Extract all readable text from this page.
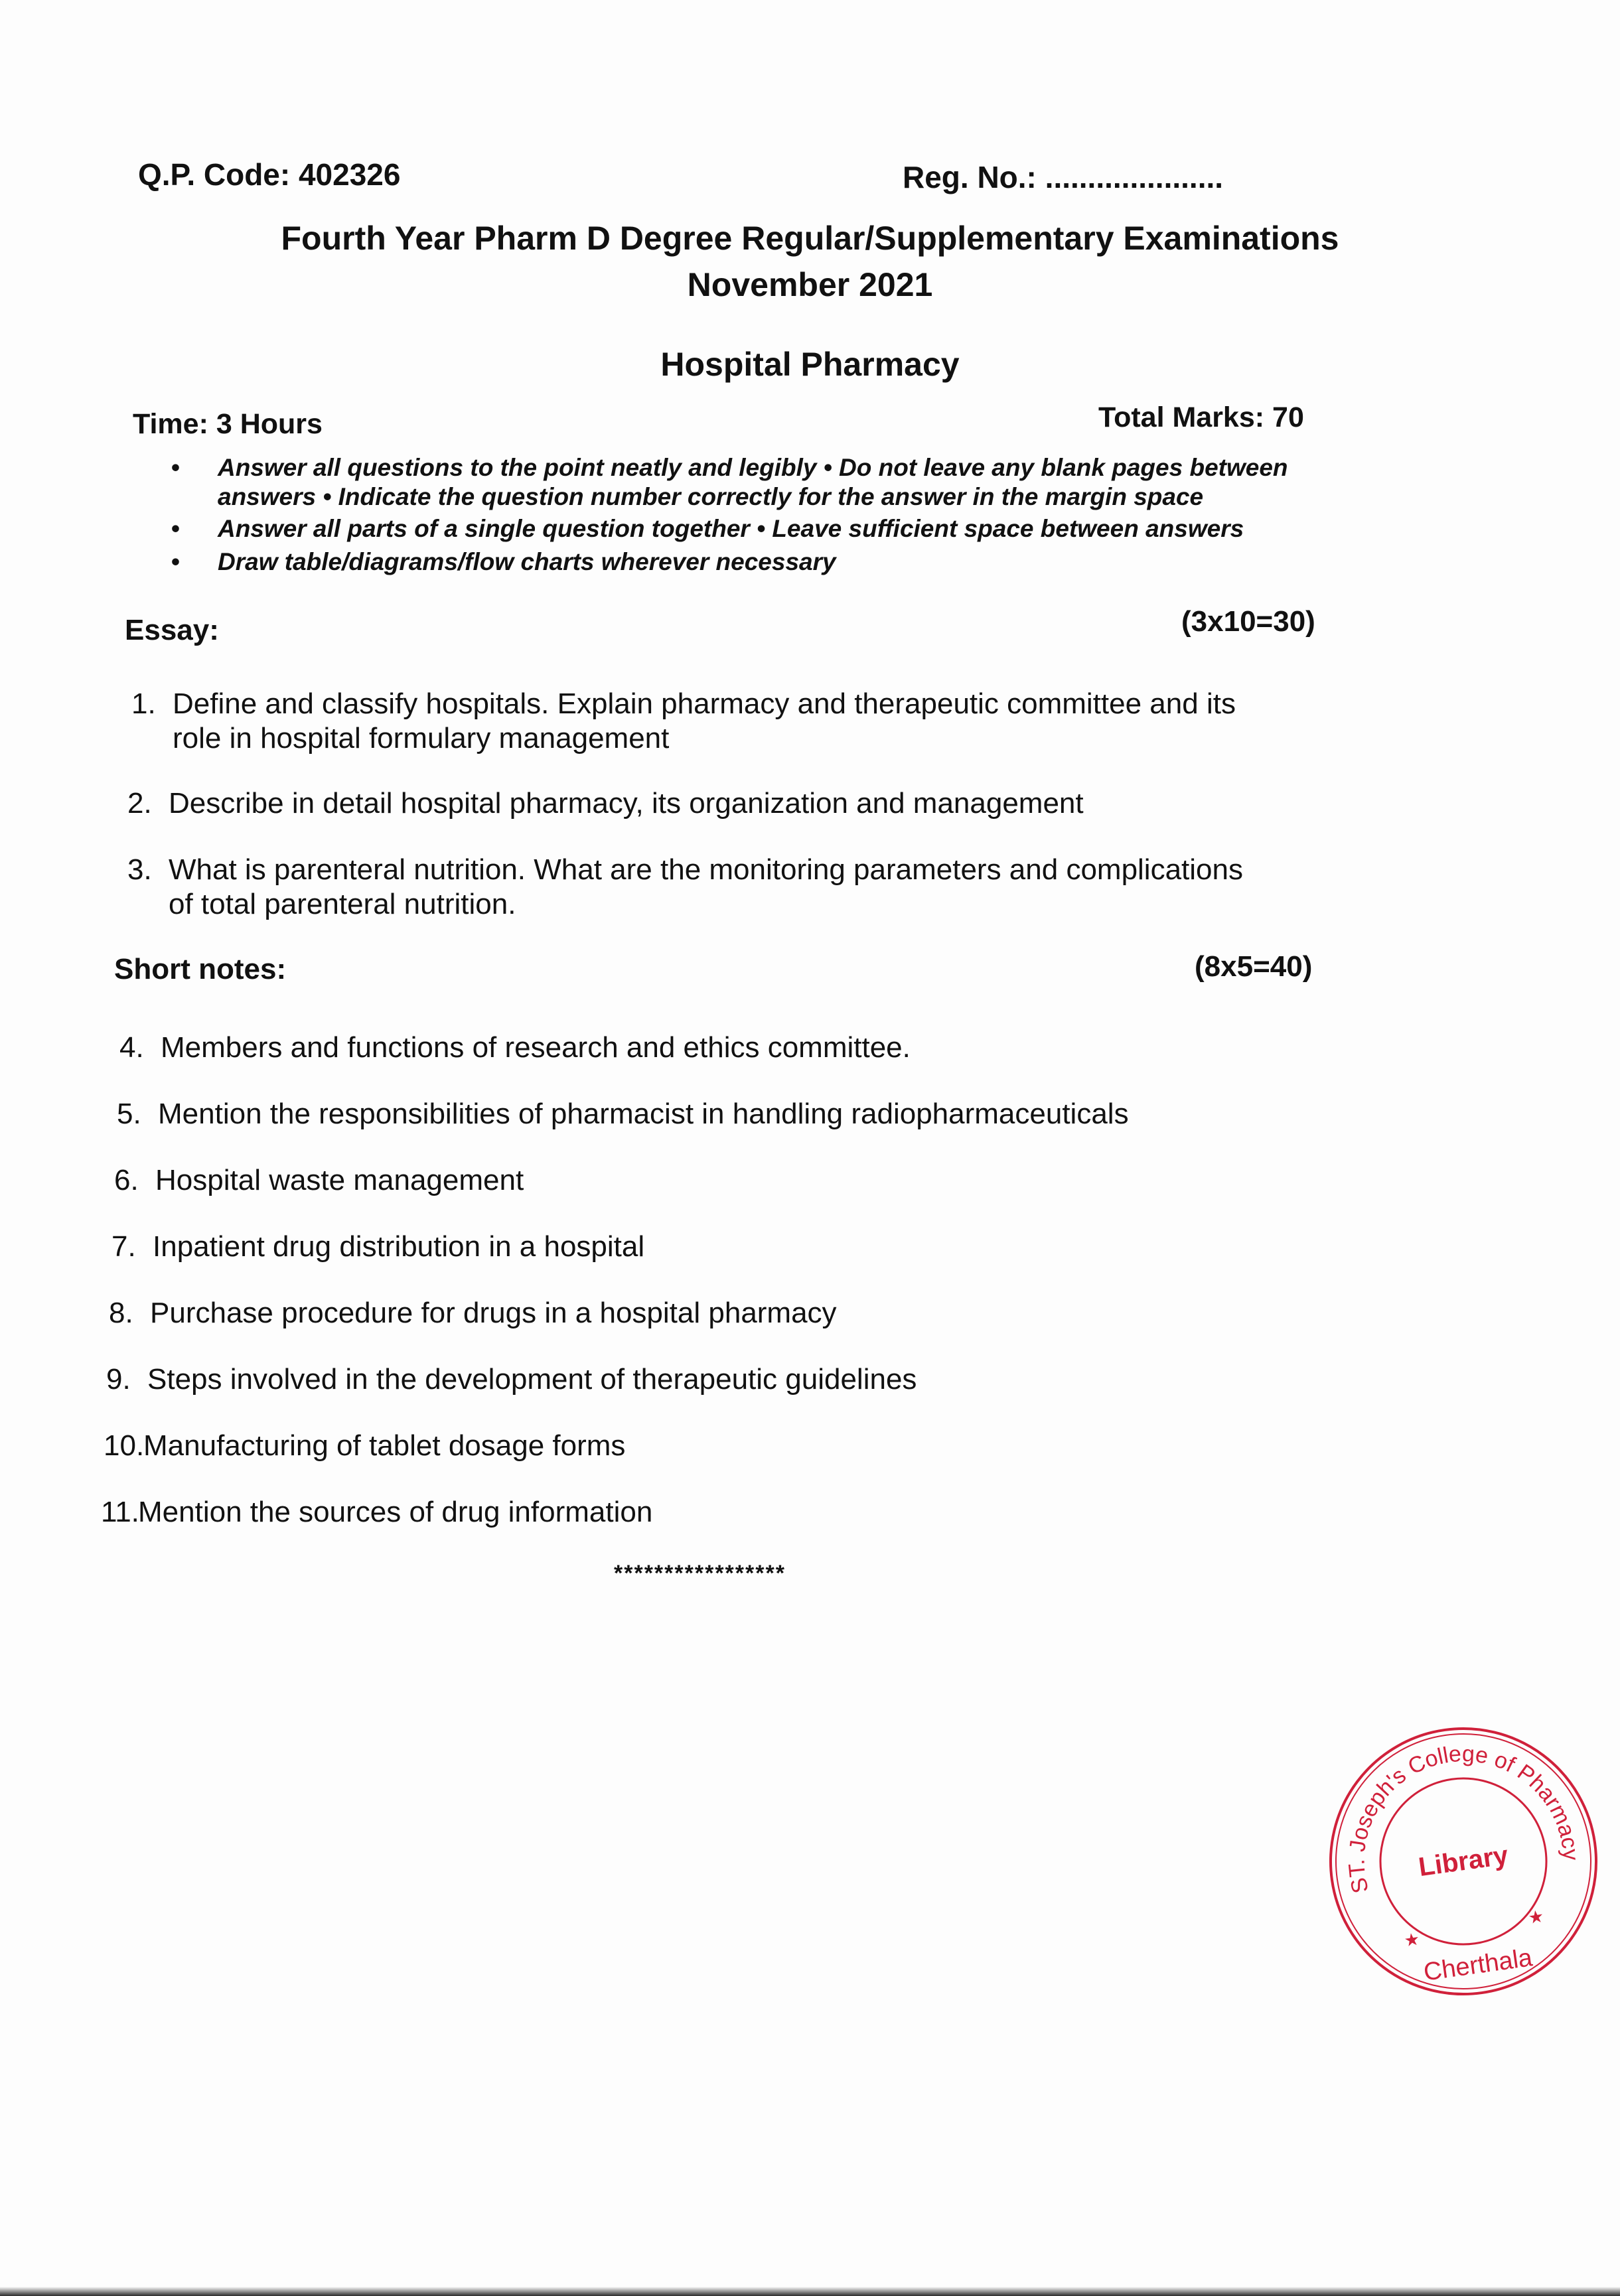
Q.P. Code: 402326	Reg. No.: .....................
Fourth Year Pharm D Degree Regular/Supplementary Examinations
November 2021
Hospital Pharmacy
Time: 3 Hours	Total Marks: 70
• Answer all questions to the point neatly and legibly • Do not leave any blank pages between
answers • Indicate the question number correctly for the answer in the margin space
• Answer all parts of a single question together • Leave sufficient space between answers
• Draw table/diagrams/flow charts wherever necessary
Essay:	(3x10=30)
1. Define and classify hospitals. Explain pharmacy and therapeutic committee and its
role in hospital formulary management
2. Describe in detail hospital pharmacy, its organization and management
3. What is parenteral nutrition. What are the monitoring parameters and complications
of total parenteral nutrition.
Short notes:	(8x5=40)
4. Members and functions of research and ethics committee.
5. Mention the responsibilities of pharmacist in handling radiopharmaceuticals
6. Hospital waste management
7. Inpatient drug distribution in a hospital
8. Purchase procedure for drugs in a hospital pharmacy
9. Steps involved in the development of therapeutic guidelines
10.Manufacturing of tablet dosage forms
11.Mention the sources of drug information
*****************
ST. Joseph's College of Pharmacy
Library
★
★
Cherthala
